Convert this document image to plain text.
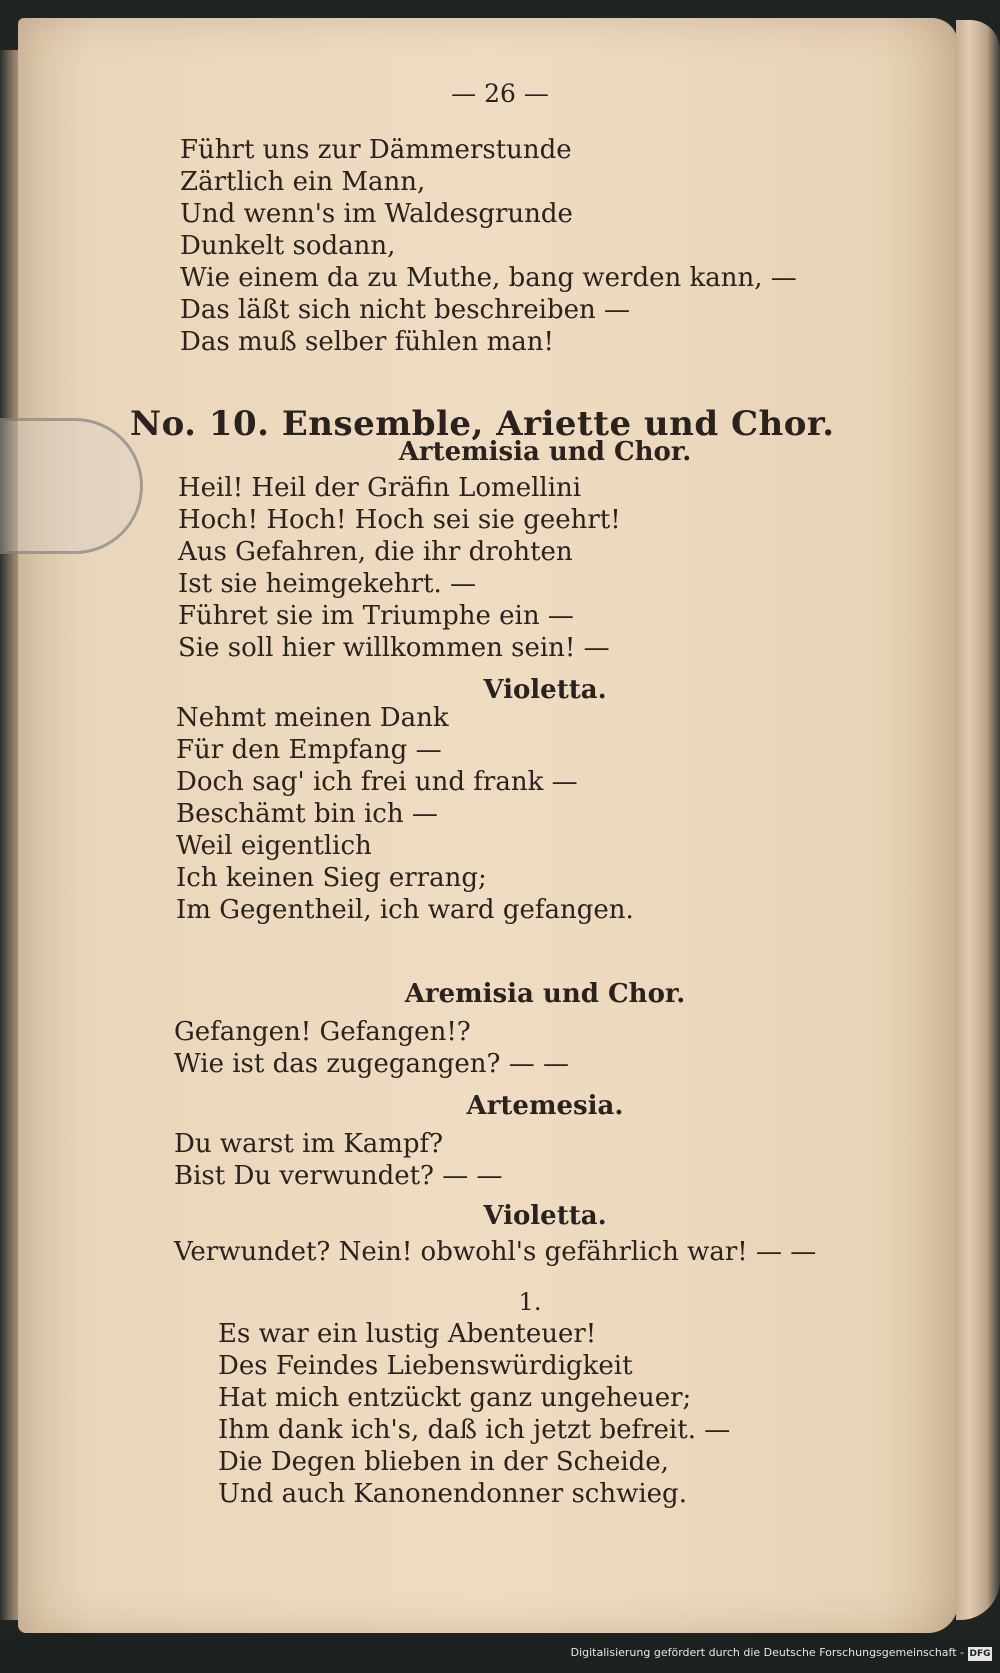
— 26 —
Führt uns zur Dämmerstunde
Zärtlich ein Mann,
Und wenn's im Waldesgrunde
Dunkelt sodann,
Wie einem da zu Muthe, bang werden kann, —
Das läßt sich nicht beschreiben —
Das muß selber fühlen man!
No. 10. Ensemble, Ariette und Chor.
Artemisia und Chor.
Heil! Heil der Gräfin Lomellini
Hoch! Hoch! Hoch sei sie geehrt!
Aus Gefahren, die ihr drohten
Ist sie heimgekehrt. —
Führet sie im Triumphe ein —
Sie soll hier willkommen sein! —
Violetta.
Nehmt meinen Dank
Für den Empfang —
Doch sag' ich frei und frank —
Beschämt bin ich —
Weil eigentlich
Ich keinen Sieg errang;
Im Gegentheil, ich ward gefangen.
Aremisia und Chor.
Gefangen! Gefangen!?
Wie ist das zugegangen? — —
Artemesia.
Du warst im Kampf?
Bist Du verwundet? — —
Violetta.
Verwundet? Nein! obwohl's gefährlich war! — —
1.
Es war ein lustig Abenteuer!
Des Feindes Liebenswürdigkeit
Hat mich entzückt ganz ungeheuer;
Ihm dank ich's, daß ich jetzt befreit. —
Die Degen blieben in der Scheide,
Und auch Kanonendonner schwieg.
Digitalisierung gefördert durch die Deutsche Forschungsgemeinschaft - DFG
